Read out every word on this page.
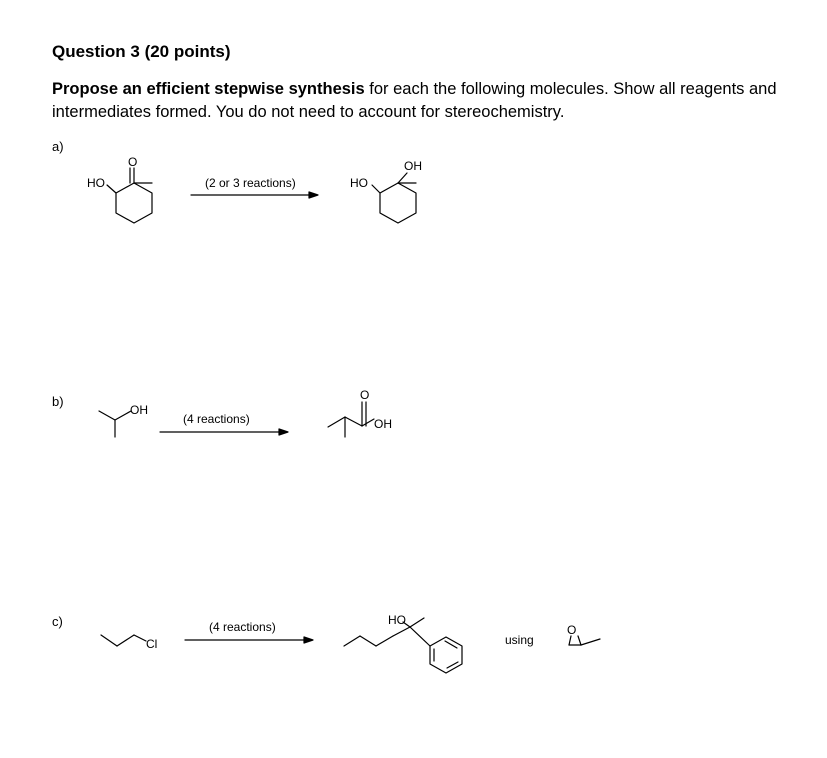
Question 3 (20 points)
Propose an efficient stepwise synthesis for each the following molecules. Show all reagents and intermediates formed. You do not need to account for stereochemistry.
a)
b)
c)
O
HO	(2 or 3 reactions)
OH
HO
OH
(4 reactions)
O
OH
Cl
(4 reactions)	HO
using
O
